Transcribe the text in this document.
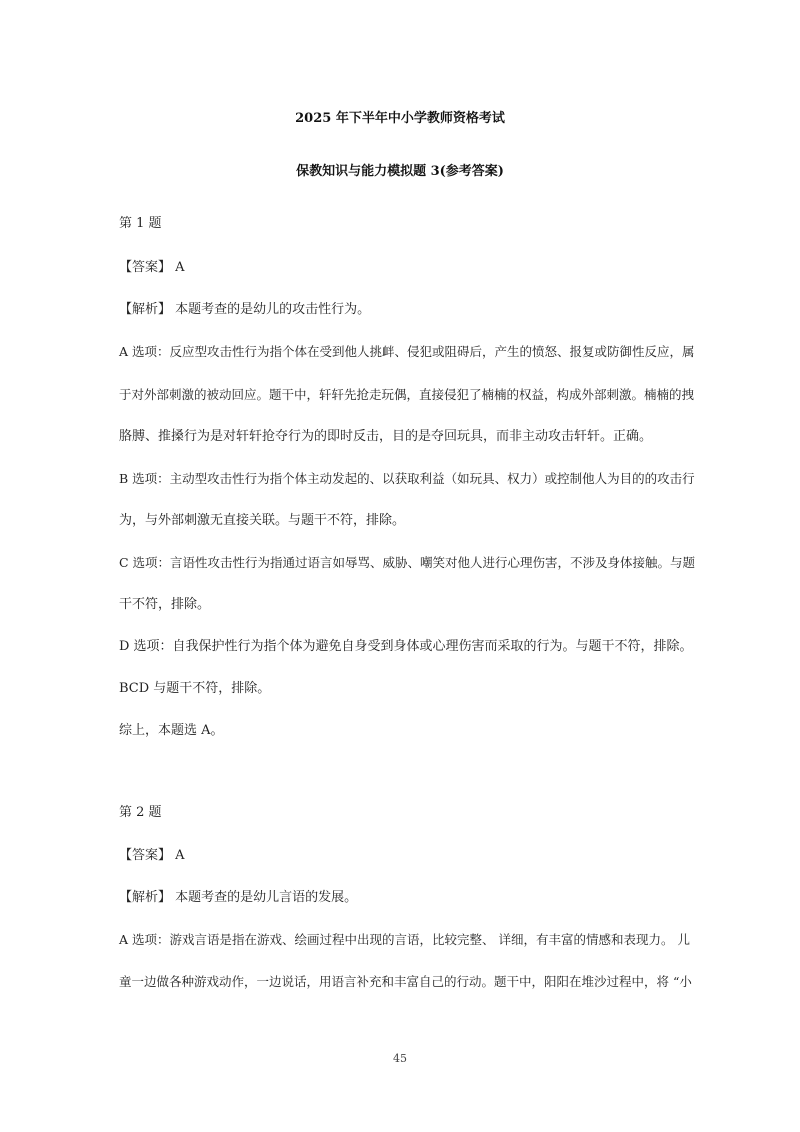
2025 年下半年中小学教师资格考试
保教知识与能力模拟题 3(参考答案)
第 1 题
【答案】 A
【解析】 本题考查的是幼儿的攻击性行为。
A 选项：反应型攻击性行为指个体在受到他人挑衅、侵犯或阻碍后，产生的愤怒、报复或防御性反应，属
于对外部刺激的被动回应。题干中，轩轩先抢走玩偶，直接侵犯了楠楠的权益，构成外部刺激。楠楠的拽
胳膊、推搡行为是对轩轩抢夺行为的即时反击，目的是夺回玩具，而非主动攻击轩轩。正确。
B 选项：主动型攻击性行为指个体主动发起的、以获取利益（如玩具、权力）或控制他人为目的的攻击行
为，与外部刺激无直接关联。与题干不符，排除。
C 选项：言语性攻击性行为指通过语言如辱骂、威胁、嘲笑对他人进行心理伤害，不涉及身体接触。与题
干不符，排除。
D 选项：自我保护性行为指个体为避免自身受到身体或心理伤害而采取的行为。与题干不符，排除。
BCD 与题干不符，排除。
综上，本题选 A。
第 2 题
【答案】 A
【解析】 本题考查的是幼儿言语的发展。
A 选项：游戏言语是指在游戏、绘画过程中出现的言语，比较完整、 详细，有丰富的情感和表现力。 儿
童一边做各种游戏动作，一边说话，用语言补充和丰富自己的行动。题干中，阳阳在堆沙过程中，将 “小
45
